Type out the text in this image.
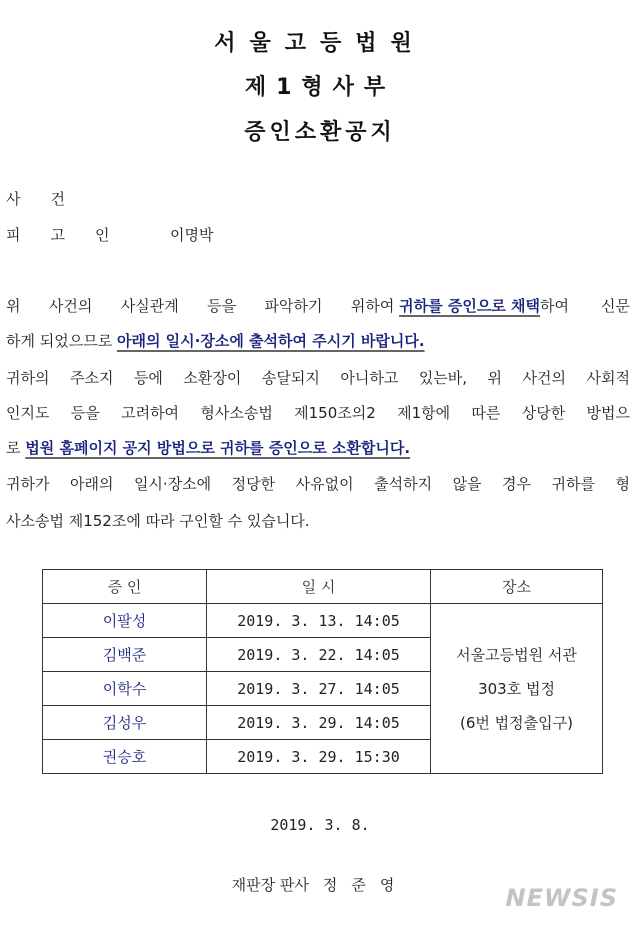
서울고등법원
제1형사부
증인소환공지
사건
피고인 이명박
위 사건의 사실관계 등을 파악하기 위하여 귀하를 증인으로 채택 하여 신문
하게 되었으므로 아래의 일시·장소에 출석하여 주시기 바랍니다.
귀하의 주소지 등에 소환장이 송달되지 아니하고 있는바, 위 사건의 사회적
인지도 등을 고려하여 형사소송법 제150조의2 제1항에 따른 상당한 방법으
로 법원 홈페이지 공지 방법으로 귀하를 증인으로 소환합니다.
귀하가 아래의 일시·장소에 정당한 사유없이 출석하지 않을 경우 귀하를 형
사소송법 제152조에 따라 구인할 수 있습니다.
증 인	일 시	장소
이팔성	2019. 3. 13. 14:05	서울고등법원 서관
303호 법정
(6번 법정출입구)

김백준	2019. 3. 22. 14:05	
이학수	2019. 3. 27. 14:05	
김성우	2019. 3. 29. 14:05	
권승호	2019. 3. 29. 15:30	
2019. 3. 8.
재판장 판사 정준영	NEWSIS
